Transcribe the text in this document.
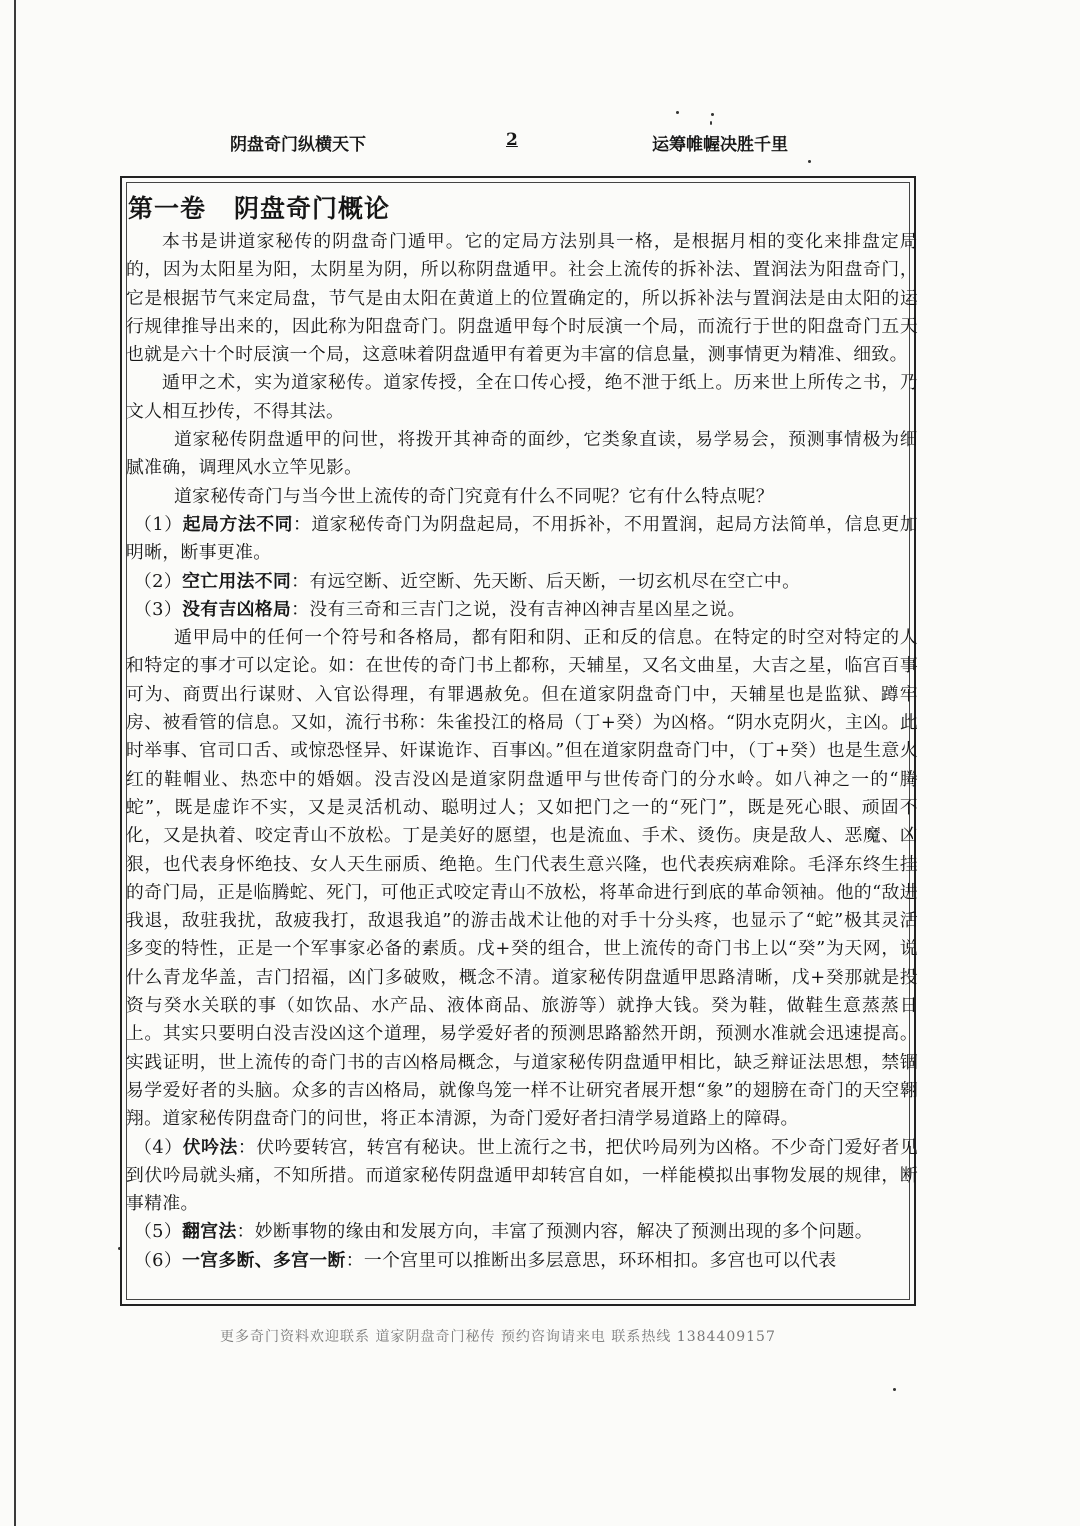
阴盘奇门纵横天下	2	运筹帷幄决胜千里
第一卷 阴盘奇门概论

本书是讲道家秘传的阴盘奇门遁甲。它的定局方法别具一格，是根据月相的变化来排盘定局的，因为太阳星为阳，太阴星为阴，所以称阴盘遁甲。社会上流传的拆补法、置润法为阳盘奇门，它是根据节气来定局盘，节气是由太阳在黄道上的位置确定的，所以拆补法与置润法是由太阳的运行规律推导出来的，因此称为阳盘奇门。阴盘遁甲每个时辰演一个局，而流行于世的阳盘奇门五天也就是六十个时辰演一个局，这意味着阴盘遁甲有着更为丰富的信息量，测事情更为精准、细致。

遁甲之术，实为道家秘传。道家传授，全在口传心授，绝不泄于纸上。历来世上所传之书，乃文人相互抄传，不得其法。

道家秘传阴盘遁甲的问世，将拨开其神奇的面纱，它类象直读，易学易会，预测事情极为细腻准确，调理风水立竿见影。

道家秘传奇门与当今世上流传的奇门究竟有什么不同呢？它有什么特点呢？

（1）起局方法不同：道家秘传奇门为阴盘起局，不用拆补，不用置润，起局方法简单，信息更加明晰，断事更准。

（2）空亡用法不同：有远空断、近空断、先天断、后天断，一切玄机尽在空亡中。

（3）没有吉凶格局：没有三奇和三吉门之说，没有吉神凶神吉星凶星之说。

遁甲局中的任何一个符号和各格局，都有阳和阴、正和反的信息。在特定的时空对特定的人和特定的事才可以定论。如：在世传的奇门书上都称，天辅星，又名文曲星，大吉之星，临宫百事可为、商贾出行谋财、入官讼得理，有罪遇赦免。但在道家阴盘奇门中，天辅星也是监狱、蹲牢房、被看管的信息。又如，流行书称：朱雀投江的格局（丁+癸）为凶格。“阴水克阴火，主凶。此时举事、官司口舌、或惊恐怪异、奸谋诡诈、百事凶。”但在道家阴盘奇门中，（丁+癸）也是生意火红的鞋帽业、热恋中的婚姻。没吉没凶是道家阴盘遁甲与世传奇门的分水岭。如八神之一的“腾蛇”，既是虚诈不实，又是灵活机动、聪明过人；又如把门之一的“死门”，既是死心眼、顽固不化，又是执着、咬定青山不放松。丁是美好的愿望，也是流血、手术、烫伤。庚是敌人、恶魔、凶狠，也代表身怀绝技、女人天生丽质、绝艳。生门代表生意兴隆，也代表疾病难除。毛泽东终生挂的奇门局，正是临腾蛇、死门，可他正式咬定青山不放松，将革命进行到底的革命领袖。他的“敌进我退，敌驻我扰，敌疲我打，敌退我追”的游击战术让他的对手十分头疼，也显示了“蛇”极其灵活多变的特性，正是一个军事家必备的素质。戊+癸的组合，世上流传的奇门书上以“癸”为天网，说什么青龙华盖，吉门招福，凶门多破败，概念不清。道家秘传阴盘遁甲思路清晰，戊+癸那就是投资与癸水关联的事（如饮品、水产品、液体商品、旅游等）就挣大钱。癸为鞋，做鞋生意蒸蒸日上。其实只要明白没吉没凶这个道理，易学爱好者的预测思路豁然开朗，预测水准就会迅速提高。实践证明，世上流传的奇门书的吉凶格局概念，与道家秘传阴盘遁甲相比，缺乏辩证法思想，禁锢易学爱好者的头脑。众多的吉凶格局，就像鸟笼一样不让研究者展开想“象”的翅膀在奇门的天空翱翔。道家秘传阴盘奇门的问世，将正本清源，为奇门爱好者扫清学易道路上的障碍。

（4）伏吟法：伏吟要转宫，转宫有秘诀。世上流行之书，把伏吟局列为凶格。不少奇门爱好者见到伏吟局就头痛，不知所措。而道家秘传阴盘遁甲却转宫自如，一样能模拟出事物发展的规律，断事精准。

（5）翻宫法：妙断事物的缘由和发展方向，丰富了预测内容，解决了预测出现的多个问题。

（6）一宫多断、多宫一断：一个宫里可以推断出多层意思，环环相扣。多宫也可以代表

更多奇门资料欢迎联系 道家阴盘奇门秘传 预约咨询请来电 联系热线 1384409157
